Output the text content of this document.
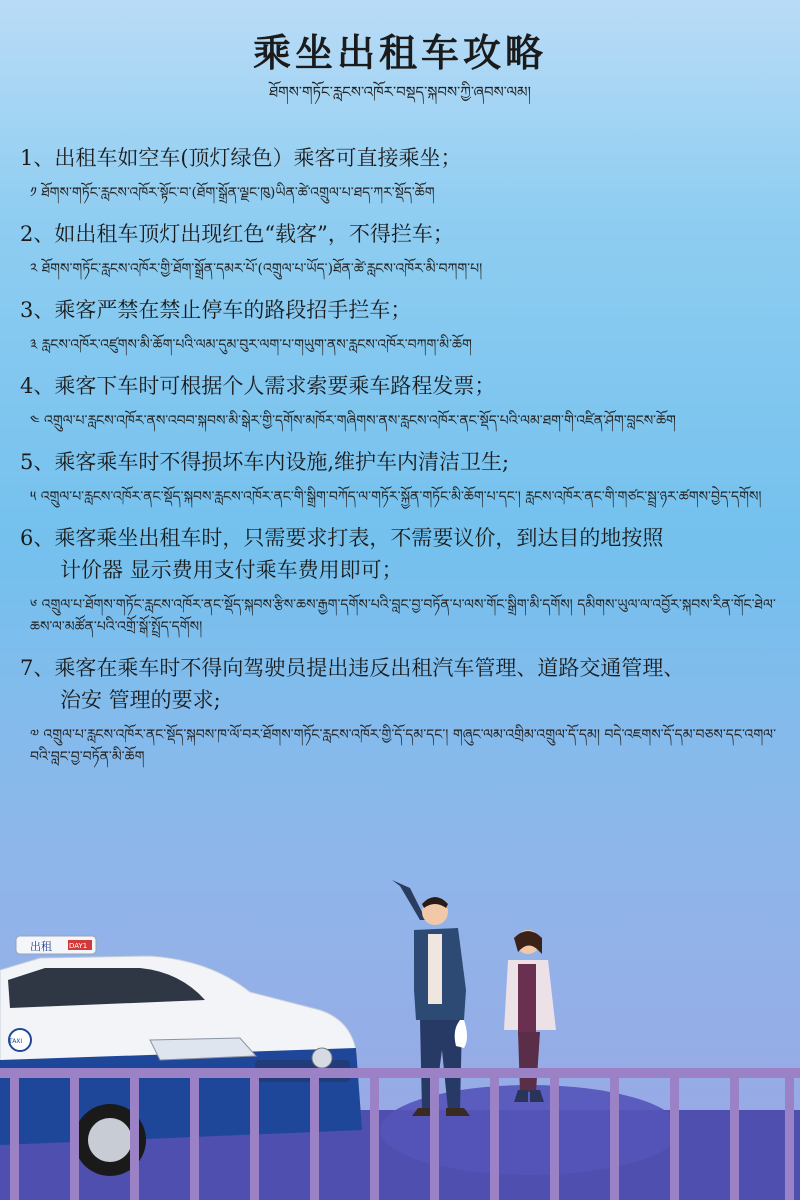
乘坐出租车攻略
ཐོགས་གཏོང་རླངས་འཁོར་བསྡད་སྐབས་ཀྱི་ཞབས་ལམ།
1、出租车如空车(顶灯绿色）乘客可直接乘坐；
༡ ཐོགས་གཏོང་རླངས་འཁོར་སྟོང་བ་(ཐོག་སྒྲོན་ལྗང་ཁུ)ཡིན་ཚེ་འགྲུལ་པ་ཐད་ཀར་སྡོད་ཆོག
2、如出租车顶灯出现红色“载客”，不得拦车；
༢ ཐོགས་གཏོང་རླངས་འཁོར་གྱི་ཐོག་སྒྲོན་དམར་པོ་(འགྲུལ་པ་ཡོད་)ཐོན་ཚེ་རླངས་འཁོར་མི་བཀག་པ།
3、乘客严禁在禁止停车的路段招手拦车；
༣ རླངས་འཁོར་འཛུགས་མི་ཆོག་པའི་ལམ་དུམ་བུར་ལག་པ་གཡུག་ནས་རླངས་འཁོར་བཀག་མི་ཆོག
4、乘客下车时可根据个人需求索要乘车路程发票；
༤ འགྲུལ་པ་རླངས་འཁོར་ནས་འབབ་སྐབས་མི་སྒེར་གྱི་དགོས་མཁོར་གཞིགས་ནས་རླངས་འཁོར་ནང་སྡོད་པའི་ལམ་ཐག་གི་འཛིན་ཤོག་བླངས་ཆོག
5、乘客乘车时不得损坏车内设施,维护车内清洁卫生;
༥ འགྲུལ་པ་རླངས་འཁོར་ནང་སྡོད་སྐབས་རླངས་འཁོར་ནང་གི་སྒྲིག་བཀོད་ལ་གཏོར་སྐྱོན་གཏོང་མི་ཆོག་པ་དང་། རླངས་འཁོར་ནང་གི་གཙང་སྦྲ་ཉར་ཚགས་བྱེད་དགོས།
6、乘客乘坐出租车时，只需要求打表，不需要议价，到达目的地按照
计价器 显示费用支付乘车费用即可；
༦ འགྲུལ་པ་ཐོགས་གཏོང་རླངས་འཁོར་ནང་སྡོད་སྐབས་རྩིས་ཆས་རྒྱག་དགོས་པའི་བླང་བྱ་བཏོན་པ་ལས་གོང་སྒྲིག་མི་དགོས། དམིགས་ཡུལ་ལ་འབྱོར་སྐབས་རིན་གོང་ཐེལ་ཆས་ལ་མཚོན་པའི་འགྲོ་སྒོ་སྤྲོད་དགོས།
7、乘客在乘车时不得向驾驶员提出违反出租汽车管理、道路交通管理、
治安 管理的要求;
༧ འགྲུལ་པ་རླངས་འཁོར་ནང་སྡོད་སྐབས་ཁ་ལོ་བར་ཐོགས་གཏོང་རླངས་འཁོར་གྱི་དོ་དམ་དང་། གཞུང་ལམ་འགྲིམ་འགྲུལ་དོ་དམ། བདེ་འཇགས་དོ་དམ་བཅས་དང་འགལ་བའི་བླང་བྱ་བཏོན་མི་ཆོག
出租 DAY1
TAXI
